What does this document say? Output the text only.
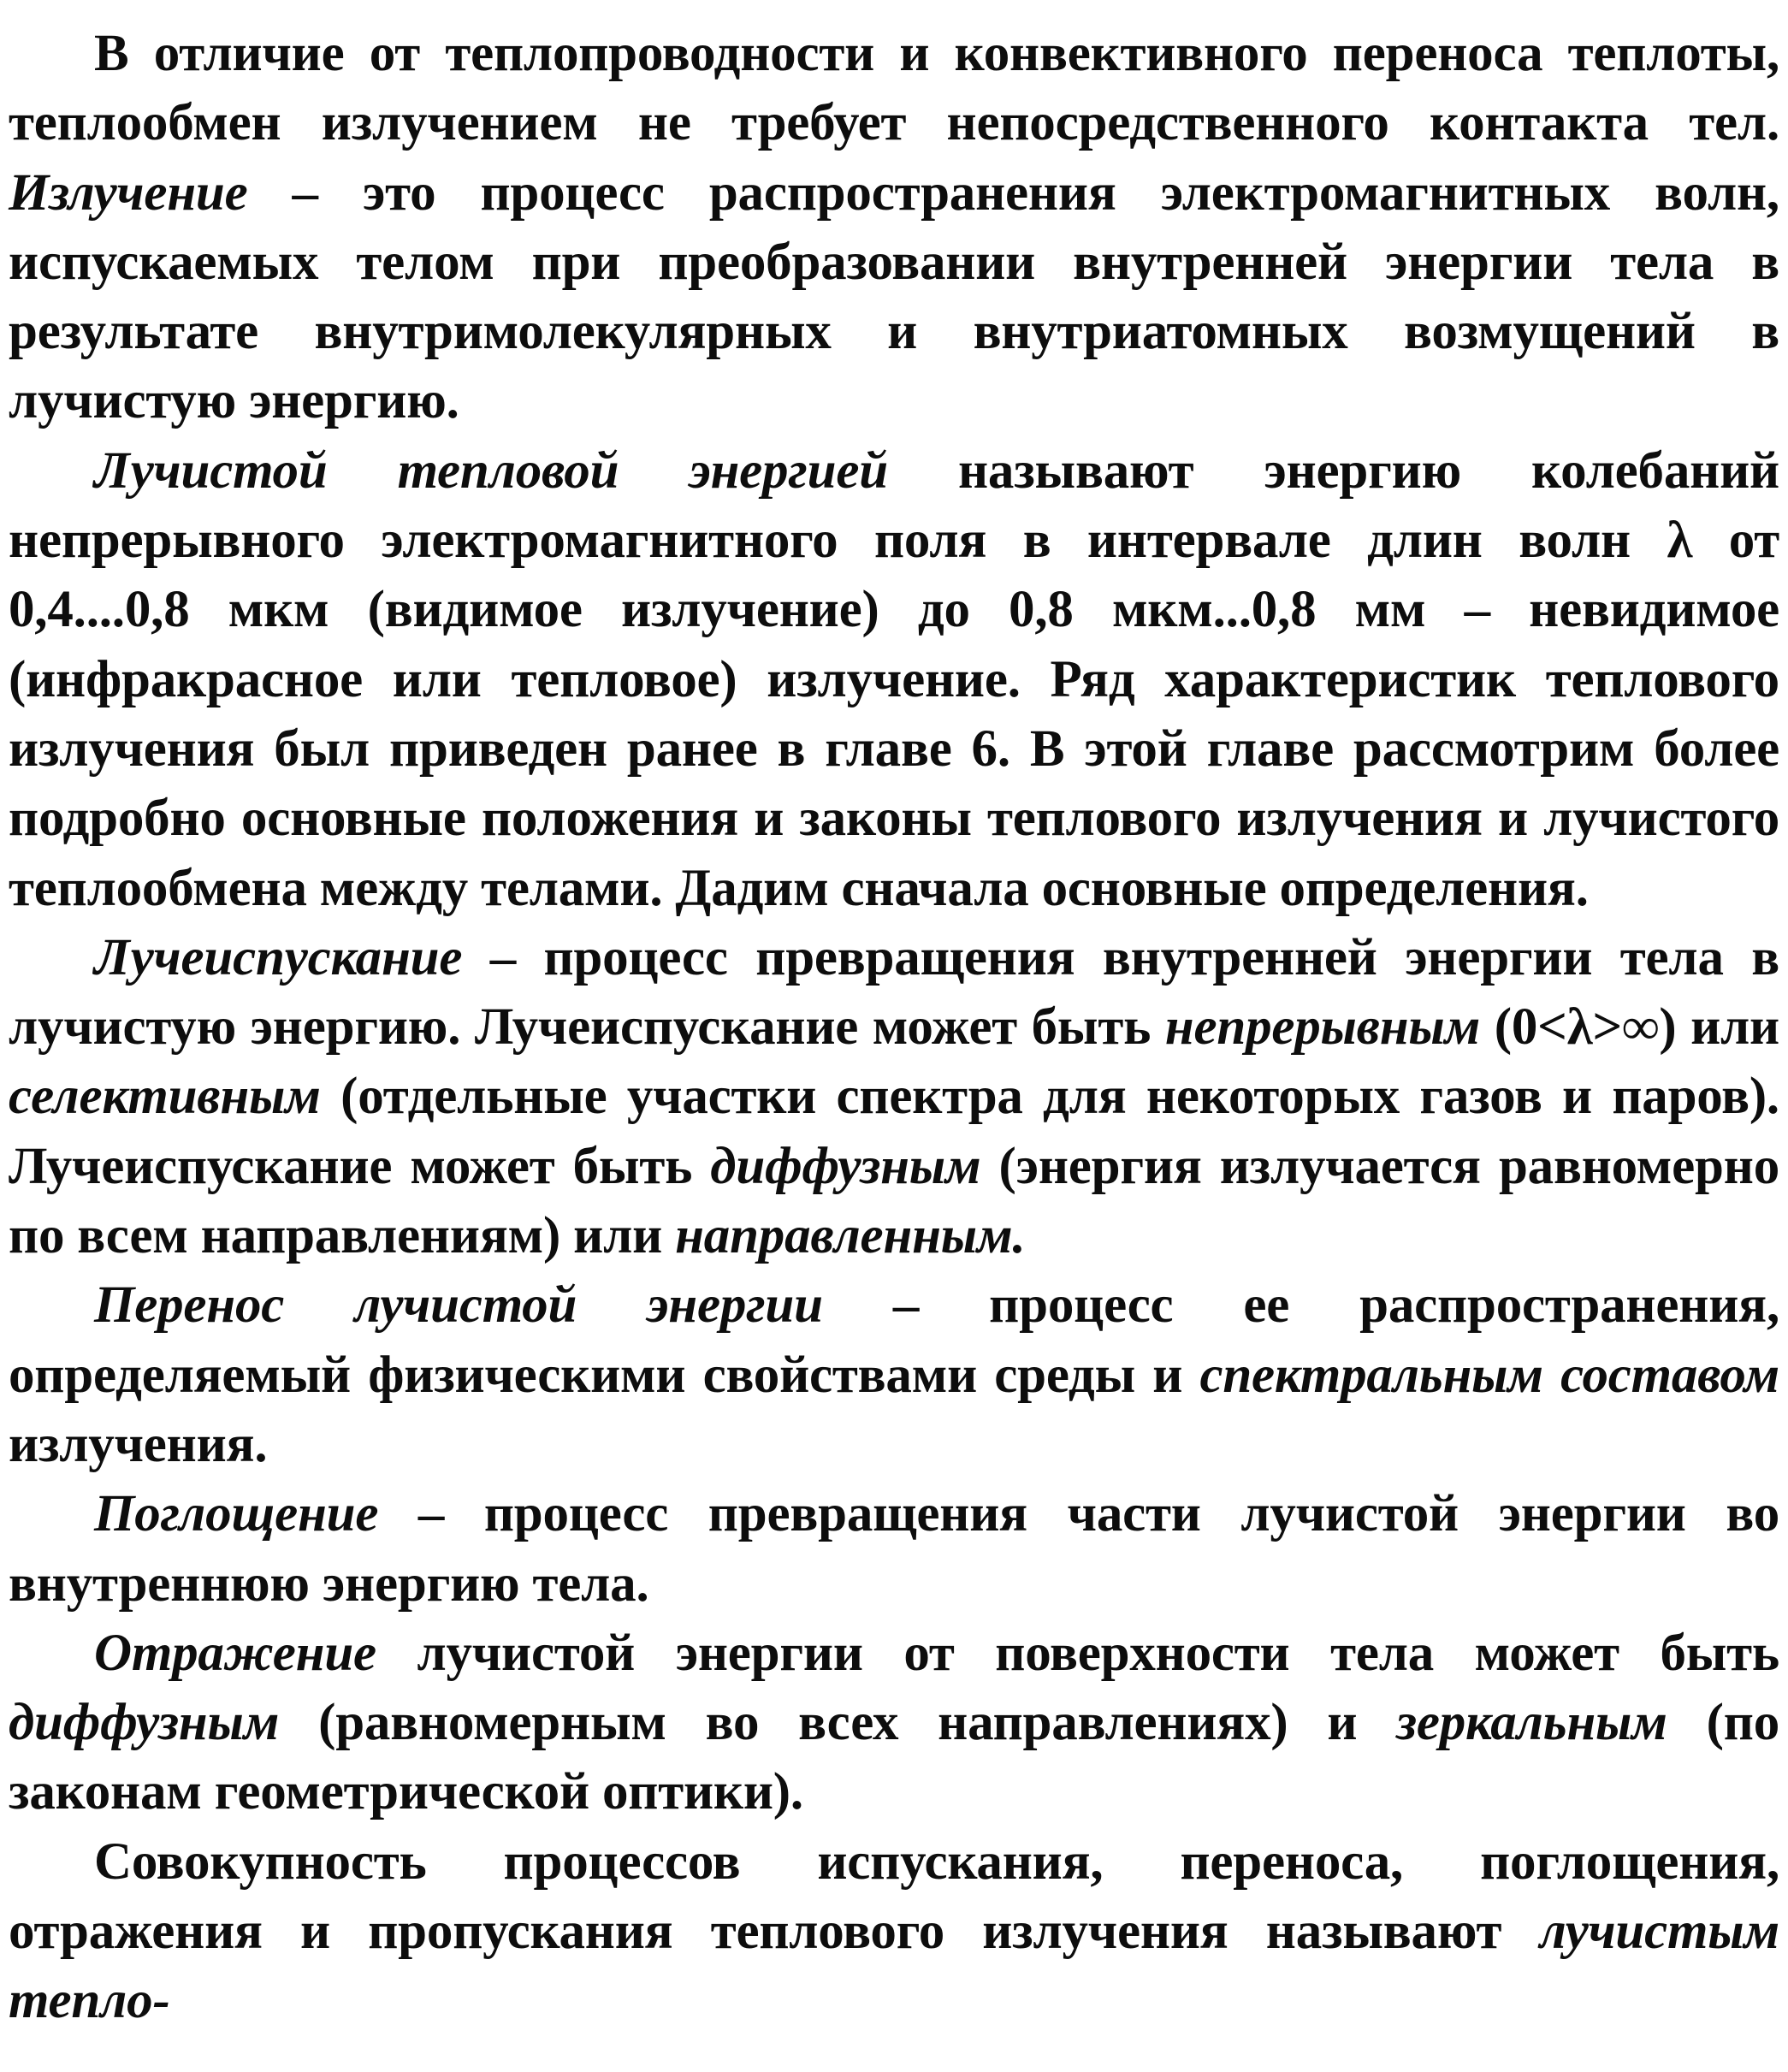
В отличие от теплопроводности и конвективного переноса теплоты, теплообмен излучением не требует непосредственного контакта тел. Излучение – это процесс распространения электромагнитных волн, испускаемых телом при преобразовании внутренней энергии тела в результате внутримолекулярных и внутриатомных возмущений в лучистую энергию.

Лучистой тепловой энергией называют энергию колебаний непрерывного электромагнитного поля в интервале длин волн λ от 0,4....0,8 мкм (видимое излучение) до 0,8 мкм...0,8 мм – невидимое (инфракрасное или тепловое) излучение. Ряд характеристик теплового излучения был приведен ранее в главе 6. В этой главе рассмотрим более подробно основные положения и законы теплового излучения и лучистого теплообмена между телами. Дадим сначала основные определения.

Лучеиспускание – процесс превращения внутренней энергии тела в лучистую энергию. Лучеиспускание может быть непрерывным (0<λ>∞) или селективным (отдельные участки спектра для некоторых газов и паров). Лучеиспускание может быть диффузным (энергия излучается равномерно по всем направлениям) или направленным.

Перенос лучистой энергии – процесс ее распространения, определяемый физическими свойствами среды и спектральным составом излучения.

Поглощение – процесс превращения части лучистой энергии во внутреннюю энергию тела.

Отражение лучистой энергии от поверхности тела может быть диффузным (равномерным во всех направлениях) и зеркальным (по законам геометрической оптики).

Совокупность процессов испускания, переноса, поглощения, отражения и пропускания теплового излучения называют лучистым тепло-
